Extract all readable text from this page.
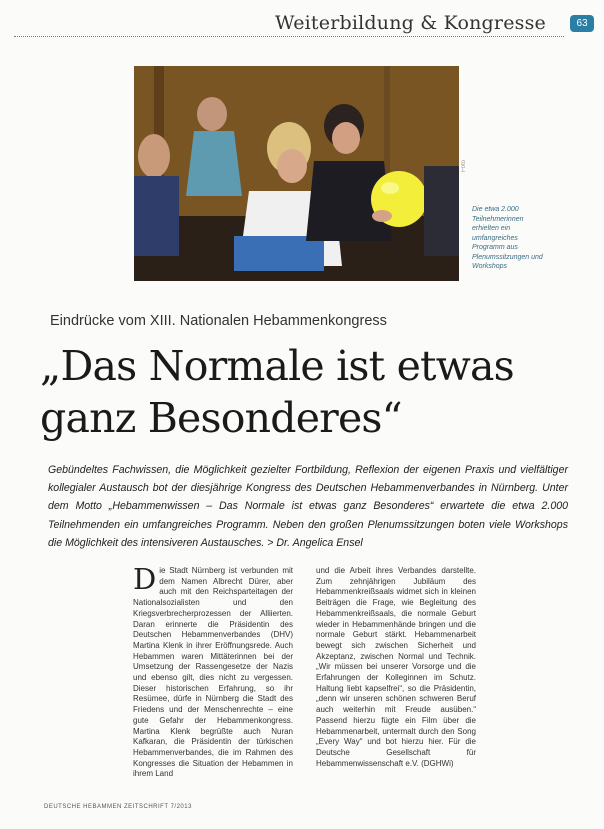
Weiterbildung & Kongresse	63
Foto
Die etwa 2.000 Teilnehmerinnen erhielten ein umfangreiches Programm aus Plenumssitzungen und Workshops
Eindrücke vom XIII. Nationalen Hebammenkongress
„Das Normale ist etwas ganz Besonderes“
Gebündeltes Fachwissen, die Möglichkeit gezielter Fortbildung, Reflexion der eigenen Praxis und vielfältiger kollegialer Austausch bot der diesjährige Kongress des Deutschen Hebammenverbandes in Nürnberg. Unter dem Motto „Hebammenwissen – Das Normale ist etwas ganz Besonderes“ erwartete die etwa 2.000 Teilnehmenden ein umfangreiches Programm. Neben den großen Plenumssitzungen boten viele Workshops die Möglichkeit des intensiveren Austausches. > Dr. Angelica Ensel
D ie Stadt Nürnberg ist verbunden mit dem Namen Albrecht Dürer, aber auch mit den Reichsparteitagen der Nationalsozialisten und den Kriegsverbrecherprozessen der Alliierten. Daran erinnerte die Präsidentin des Deutschen Hebammenverbandes (DHV) Martina Klenk in ihrer Eröffnungsrede. Auch Hebammen waren Mittäterinnen bei der Umsetzung der Rassengesetze der Nazis und ebenso gilt, dies nicht zu vergessen. Dieser historischen Erfahrung, so ihr Resümee, dürfe in Nürnberg die Stadt des Friedens und der Menschenrechte – eine gute Gefahr der Hebammenkongress. Martina Klenk begrüßte auch Nuran Kafkaran, die Präsidentin der türkischen Hebammenverbandes, die im Rahmen des Kongresses die Situation der Hebammen in ihrem Land
und die Arbeit ihres Verbandes darstellte. Zum zehnjährigen Jubiläum des Hebammenkreißsaals widmet sich in kleinen Beiträgen die Frage, wie Begleitung des Hebammenkreißsaals, die normale Geburt wieder in Hebammenhände bringen und die normale Geburt stärkt. Hebammenarbeit bewegt sich zwischen Sicherheit und Akzeptanz, zwischen Normal und Technik. „Wir müssen bei unserer Vorsorge und die Erfahrungen der Kolleginnen im Schutz. Haltung liebt kapselfrei“, so die Präsidentin, „denn wir unseren schönen schweren Beruf auch weiterhin mit Freude ausüben.“ Passend hierzu fügte ein Film über die Hebammenarbeit, untermalt durch den Song „Every Way“ und bot hierzu hier. Für die Deutsche Gesellschaft für Hebammenwissenschaft e.V. (DGHWi)
DEUTSCHE HEBAMMEN ZEITSCHRIFT 7/2013
